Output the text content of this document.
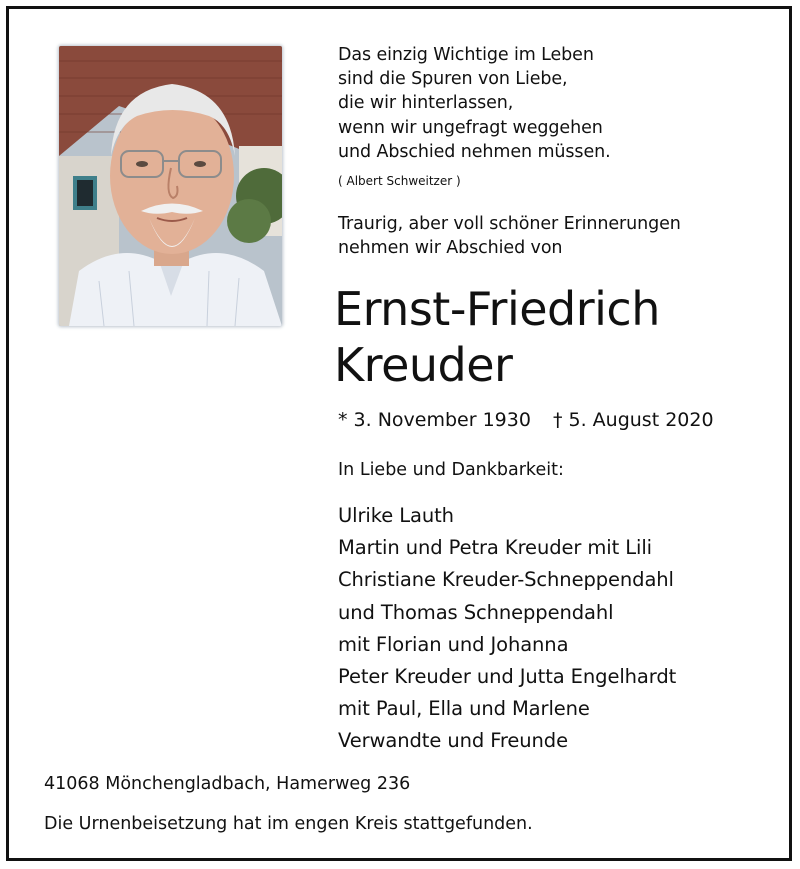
Das einzig Wichtige im Leben
sind die Spuren von Liebe,
die wir hinterlassen,
wenn wir ungefragt weggehen
und Abschied nehmen müssen.
( Albert Schweitzer )
Traurig, aber voll schöner Erinnerungen
nehmen wir Abschied von
Ernst-Friedrich
Kreuder
* 3. November 1930 † 5. August 2020
In Liebe und Dankbarkeit:
Ulrike Lauth
Martin und Petra Kreuder mit Lili
Christiane Kreuder-Schneppendahl
und Thomas Schneppendahl
mit Florian und Johanna
Peter Kreuder und Jutta Engelhardt
mit Paul, Ella und Marlene
Verwandte und Freunde
41068 Mönchengladbach, Hamerweg 236
Die Urnenbeisetzung hat im engen Kreis stattgefunden.
